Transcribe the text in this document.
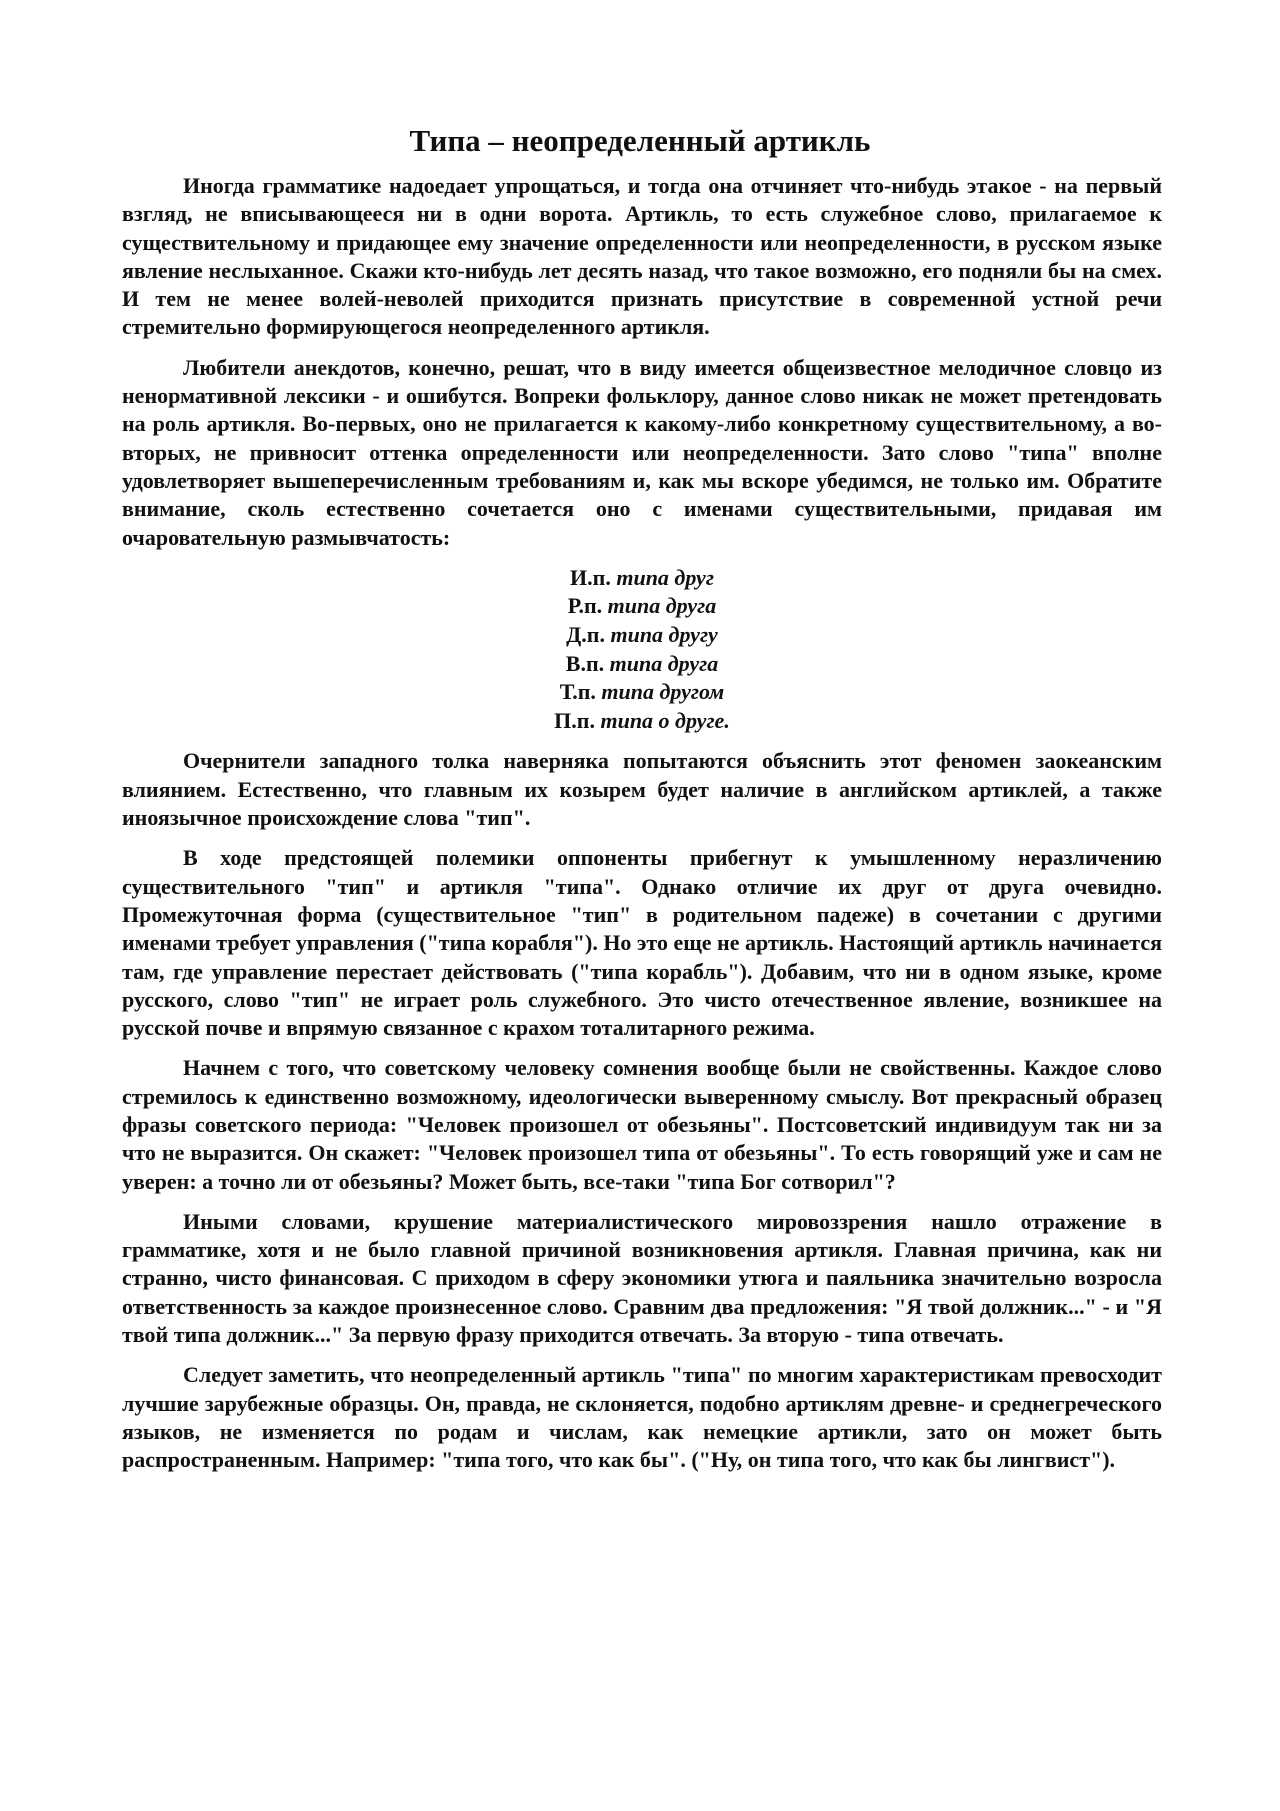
Типа – неопределенный артикль

Иногда грамматике надоедает упрощаться, и тогда она отчиняет что-нибудь этакое - на первый взгляд, не вписывающееся ни в одни ворота. Артикль, то есть служебное слово, прилагаемое к существительному и придающее ему значение определенности или неопределенности, в русском языке явление неслыханное. Скажи кто-нибудь лет десять назад, что такое возможно, его подняли бы на смех. И тем не менее волей-неволей приходится признать присутствие в современной устной речи стремительно формирующегося неопределенного артикля.

Любители анекдотов, конечно, решат, что в виду имеется общеизвестное мелодичное словцо из ненормативной лексики - и ошибутся. Вопреки фольклору, данное слово никак не может претендовать на роль артикля. Во-первых, оно не прилагается к какому-либо конкретному существительному, а во-вторых, не привносит оттенка определенности или неопределенности. Зато слово "типа" вполне удовлетворяет вышеперечисленным требованиям и, как мы вскоре убедимся, не только им. Обратите внимание, сколь естественно сочетается оно с именами существительными, придавая им очаровательную размывчатость:

И.п. типа друг
Р.п. типа друга
Д.п. типа другу
В.п. типа друга
Т.п. типа другом
П.п. типа о друге.

Очернители западного толка наверняка попытаются объяснить этот феномен заокеанским влиянием. Естественно, что главным их козырем будет наличие в английском артиклей, а также иноязычное происхождение слова "тип".

В ходе предстоящей полемики оппоненты прибегнут к умышленному неразличению существительного "тип" и артикля "типа". Однако отличие их друг от друга очевидно. Промежуточная форма (существительное "тип" в родительном падеже) в сочетании с другими именами требует управления ("типа корабля"). Но это еще не артикль. Настоящий артикль начинается там, где управление перестает действовать ("типа корабль"). Добавим, что ни в одном языке, кроме русского, слово "тип" не играет роль служебного. Это чисто отечественное явление, возникшее на русской почве и впрямую связанное с крахом тоталитарного режима.

Начнем с того, что советскому человеку сомнения вообще были не свойственны. Каждое слово стремилось к единственно возможному, идеологически выверенному смыслу. Вот прекрасный образец фразы советского периода: "Человек произошел от обезьяны". Постсоветский индивидуум так ни за что не выразится. Он скажет: "Человек произошел типа от обезьяны". То есть говорящий уже и сам не уверен: а точно ли от обезьяны? Может быть, все-таки "типа Бог сотворил"?

Иными словами, крушение материалистического мировоззрения нашло отражение в грамматике, хотя и не было главной причиной возникновения артикля. Главная причина, как ни странно, чисто финансовая. С приходом в сферу экономики утюга и паяльника значительно возросла ответственность за каждое произнесенное слово. Сравним два предложения: "Я твой должник..." - и "Я твой типа должник..." За первую фразу приходится отвечать. За вторую - типа отвечать.

Следует заметить, что неопределенный артикль "типа" по многим характеристикам превосходит лучшие зарубежные образцы. Он, правда, не склоняется, подобно артиклям древне- и среднегреческого языков, не изменяется по родам и числам, как немецкие артикли, зато он может быть распространенным. Например: "типа того, что как бы". ("Ну, он типа того, что как бы лингвист").
